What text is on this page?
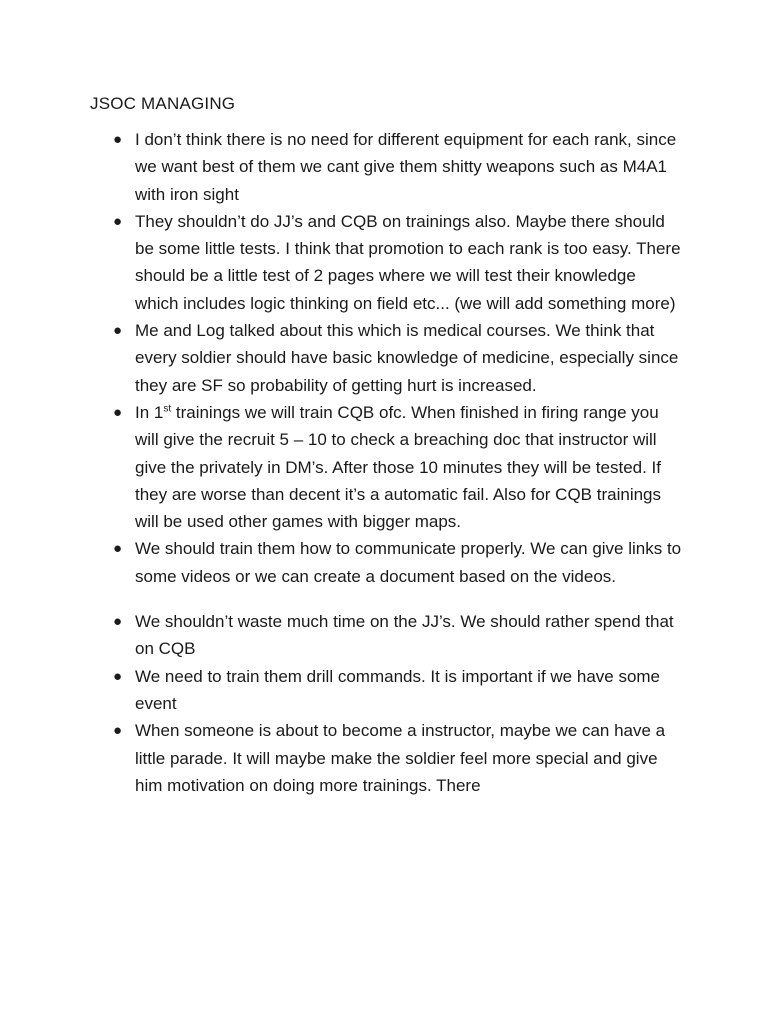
JSOC MANAGING
● I don’t think there is no need for different equipment for each rank, since we want best of them we cant give them shitty weapons such as M4A1 with iron sight
● They shouldn’t do JJ’s and CQB on trainings also. Maybe there should be some little tests. I think that promotion to each rank is too easy. There should be a little test of 2 pages where we will test their knowledge which includes logic thinking on field etc... (we will add something more)
● Me and Log talked about this which is medical courses. We think that every soldier should have basic knowledge of medicine, especially since they are SF so probability of getting hurt is increased.
● In 1st trainings we will train CQB ofc. When finished in firing range you will give the recruit 5 – 10 to check a breaching doc that instructor will give the privately in DM’s. After those 10 minutes they will be tested. If they are worse than decent it’s a automatic fail. Also for CQB trainings will be used other games with bigger maps.
● We should train them how to communicate properly. We can give links to some videos or we can create a document based on the videos.
● We shouldn’t waste much time on the JJ’s. We should rather spend that on CQB
● We need to train them drill commands. It is important if we have some event
● When someone is about to become a instructor, maybe we can have a little parade. It will maybe make the soldier feel more special and give him motivation on doing more trainings. There
